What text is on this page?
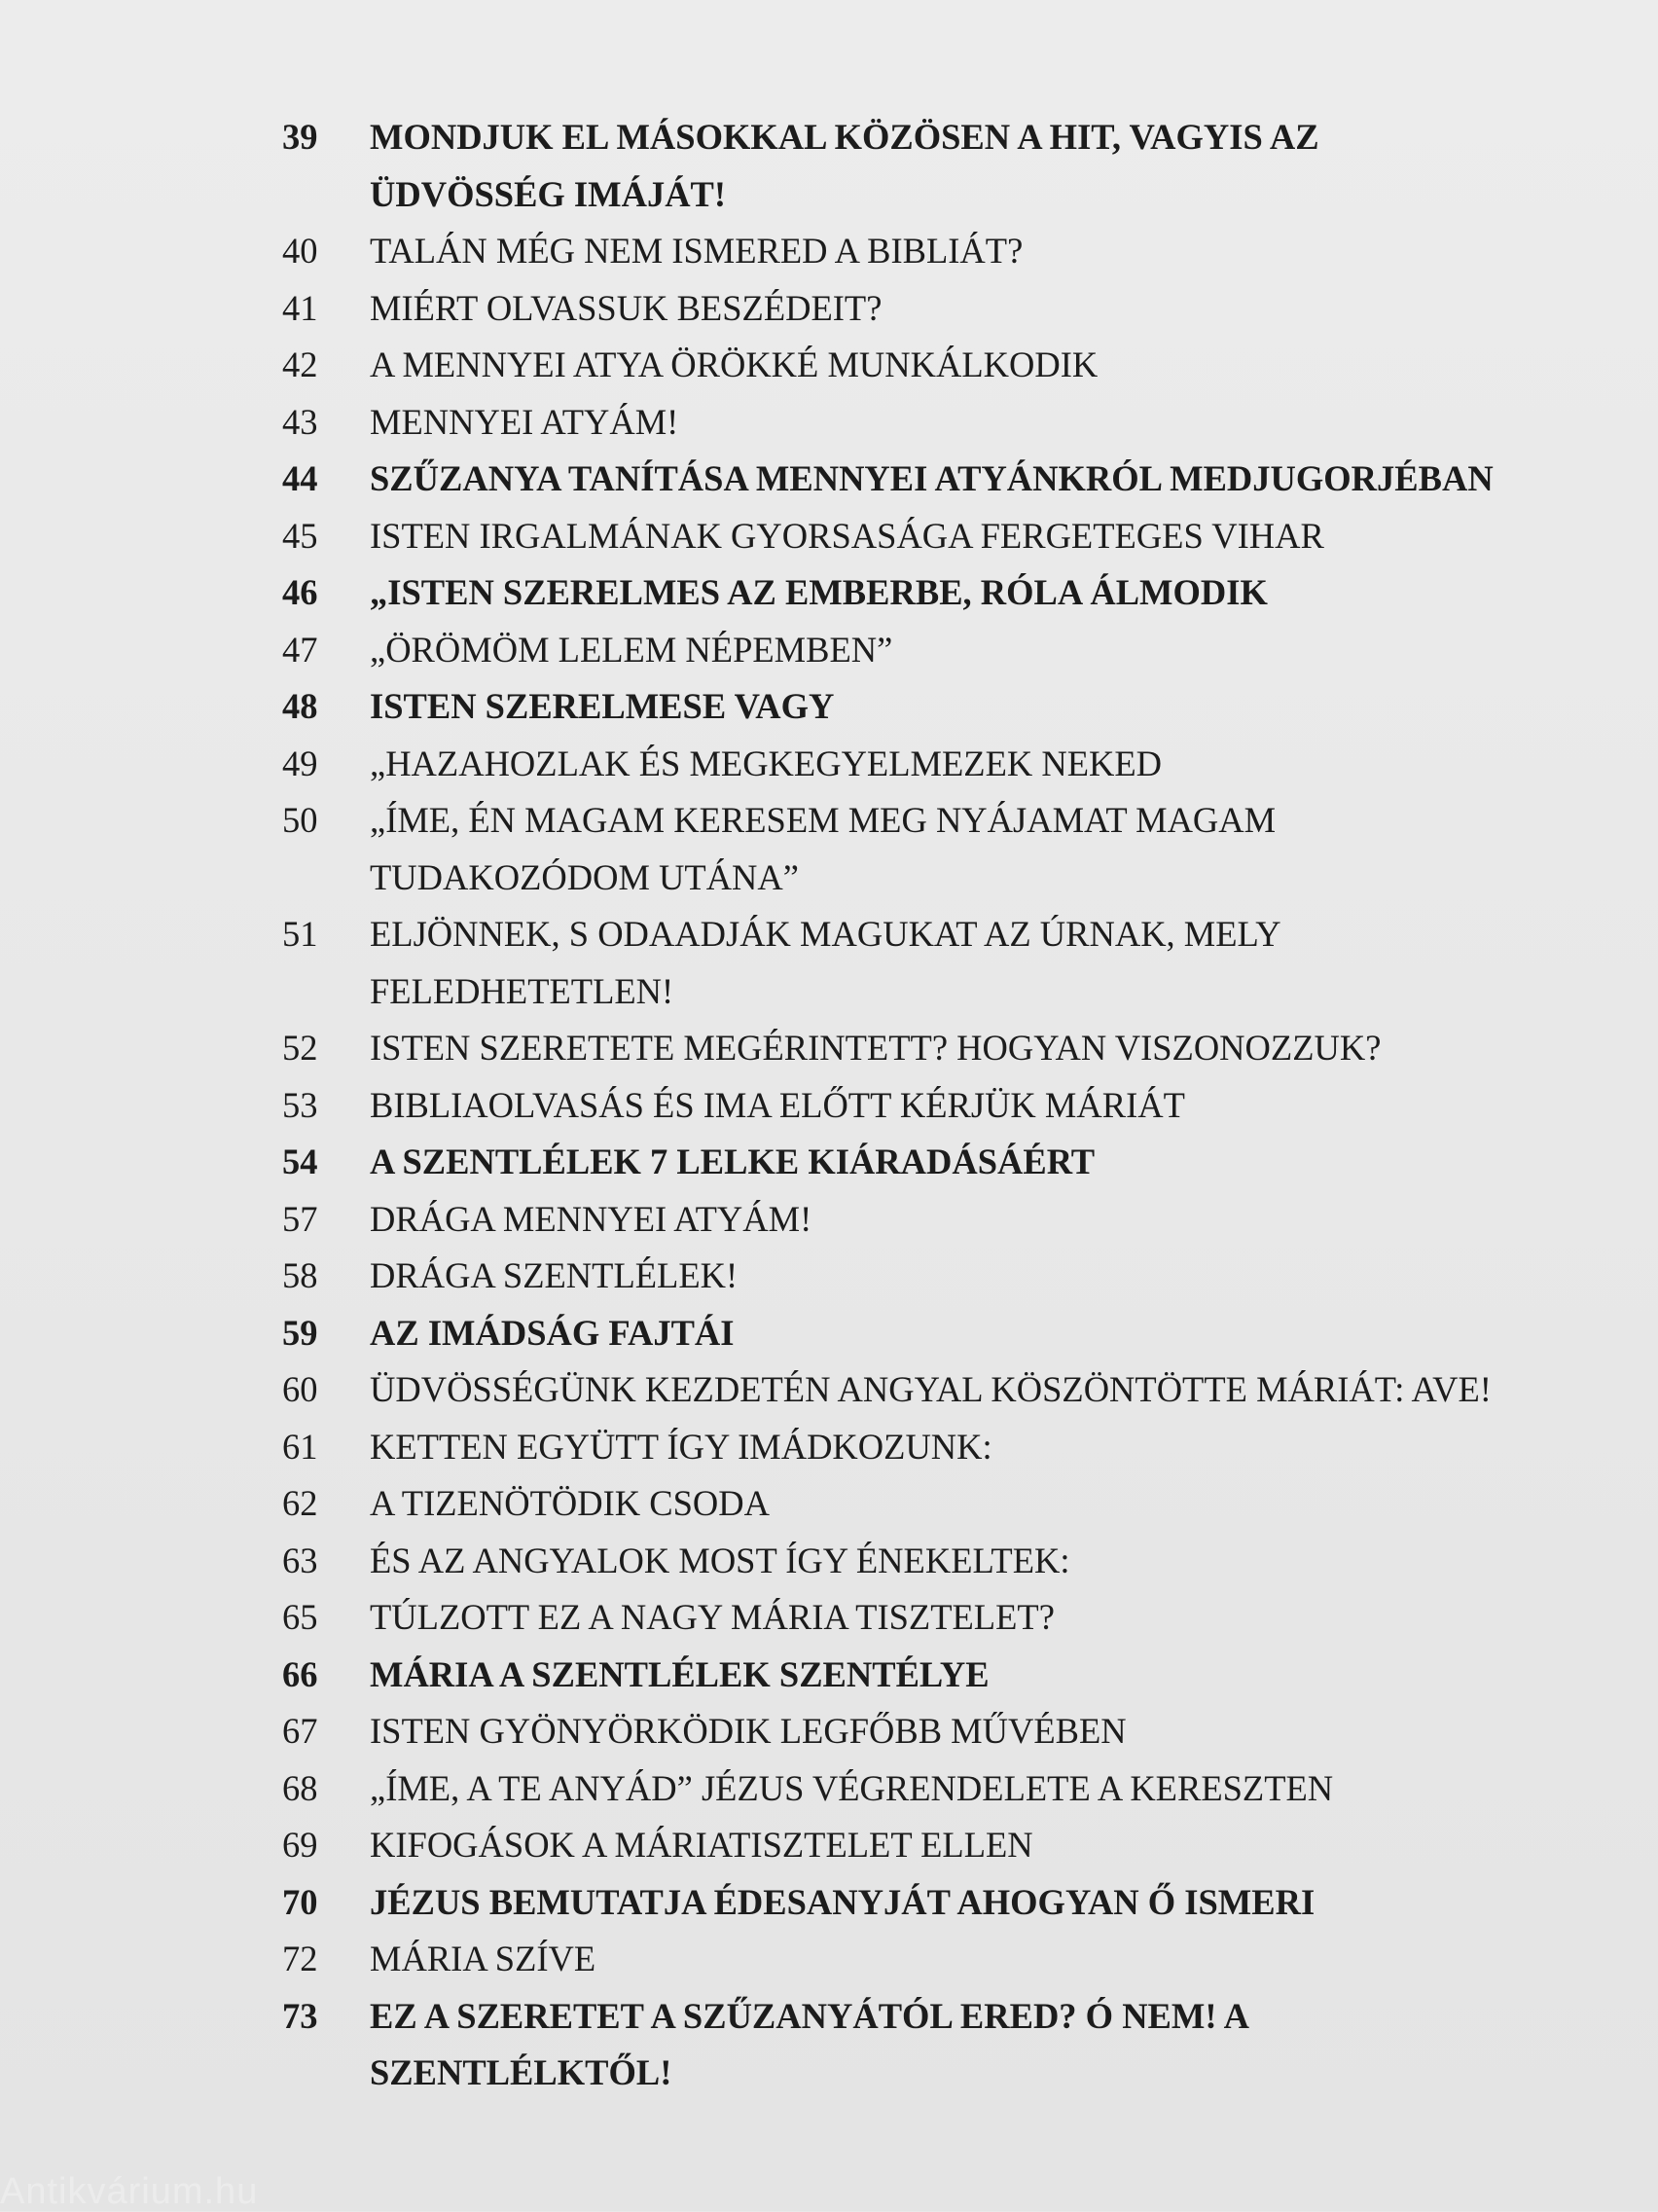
39	MONDJUK EL MÁSOKKAL KÖZÖSEN A HIT, VAGYIS AZ
ÜDVÖSSÉG IMÁJÁT!
40	TALÁN MÉG NEM ISMERED A BIBLIÁT?
41	MIÉRT OLVASSUK BESZÉDEIT?
42	A MENNYEI ATYA ÖRÖKKÉ MUNKÁLKODIK
43	MENNYEI ATYÁM!
44	SZŰZANYA TANÍTÁSA MENNYEI ATYÁNKRÓL MEDJUGORJÉBAN
45	ISTEN IRGALMÁNAK GYORSASÁGA FERGETEGES VIHAR
46	„ISTEN SZERELMES AZ EMBERBE, RÓLA ÁLMODIK
47	„ÖRÖMÖM LELEM NÉPEMBEN”
48	ISTEN SZERELMESE VAGY
49	„HAZAHOZLAK ÉS MEGKEGYELMEZEK NEKED
50	„ÍME, ÉN MAGAM KERESEM MEG NYÁJAMAT MAGAM
TUDAKOZÓDOM UTÁNA”
51	ELJÖNNEK, S ODAADJÁK MAGUKAT AZ ÚRNAK, MELY
FELEDHETETLEN!
52	ISTEN SZERETETE MEGÉRINTETT? HOGYAN VISZONOZZUK?
53	BIBLIAOLVASÁS ÉS IMA ELŐTT KÉRJÜK MÁRIÁT
54	A SZENTLÉLEK 7 LELKE KIÁRADÁSÁÉRT
57	DRÁGA MENNYEI ATYÁM!
58	DRÁGA SZENTLÉLEK!
59	AZ IMÁDSÁG FAJTÁI
60	ÜDVÖSSÉGÜNK KEZDETÉN ANGYAL KÖSZÖNTÖTTE MÁRIÁT: AVE!
61	KETTEN EGYÜTT ÍGY IMÁDKOZUNK:
62	A TIZENÖTÖDIK CSODA
63	ÉS AZ ANGYALOK MOST ÍGY ÉNEKELTEK:
65	TÚLZOTT EZ A NAGY MÁRIA TISZTELET?
66	MÁRIA A SZENTLÉLEK SZENTÉLYE
67	ISTEN GYÖNYÖRKÖDIK LEGFŐBB MŰVÉBEN
68	„ÍME, A TE ANYÁD” JÉZUS VÉGRENDELETE A KERESZTEN
69	KIFOGÁSOK A MÁRIATISZTELET ELLEN
70	JÉZUS BEMUTATJA ÉDESANYJÁT AHOGYAN Ő ISMERI
72	MÁRIA SZÍVE
73	EZ A SZERETET A SZŰZANYÁTÓL ERED? Ó NEM! A
SZENTLÉLKTŐL!
Antikvárium.hu
